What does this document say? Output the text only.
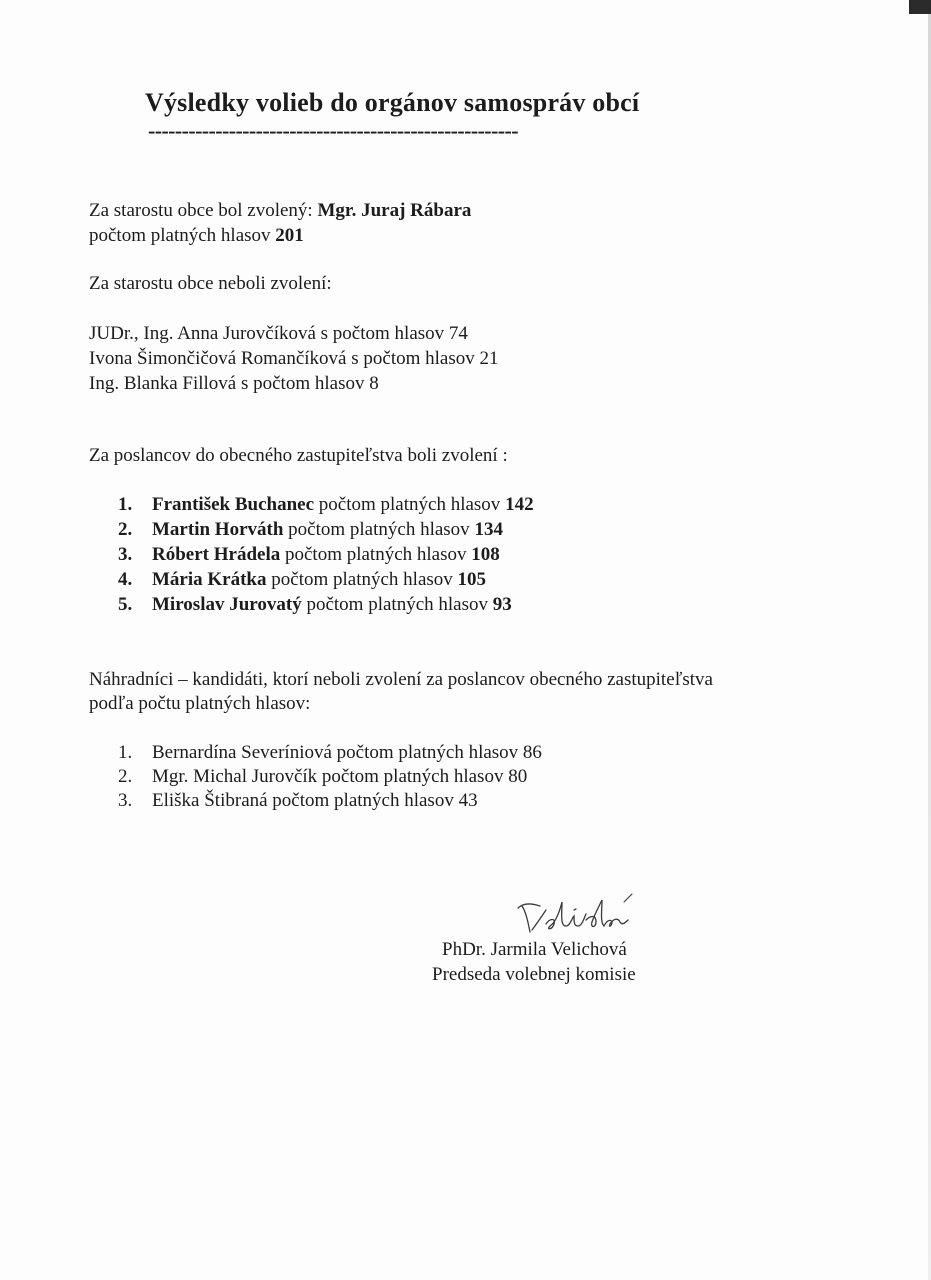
Výsledky volieb do orgánov samospráv obcí
-------------------------------------------------------
Za starostu obce bol zvolený: Mgr. Juraj Rábara
počtom platných hlasov 201
Za starostu obce neboli zvolení:
JUDr., Ing. Anna Jurovčíková s počtom hlasov 74
Ivona Šimončičová Romančíková s počtom hlasov 21
Ing. Blanka Fillová s počtom hlasov 8
Za poslancov do obecného zastupiteľstva boli zvolení :
1. František Buchanec počtom platných hlasov 142
2. Martin Horváth počtom platných hlasov 134
3. Róbert Hrádela počtom platných hlasov 108
4. Mária Krátka počtom platných hlasov 105
5. Miroslav Jurovatý počtom platných hlasov 93
Náhradníci – kandidáti, ktorí neboli zvolení za poslancov obecného zastupiteľstva
podľa počtu platných hlasov:
1. Bernardína Severíniová počtom platných hlasov 86
2. Mgr. Michal Jurovčík počtom platných hlasov 80
3. Eliška Štibraná počtom platných hlasov 43
PhDr. Jarmila Velichová
Predseda volebnej komisie
